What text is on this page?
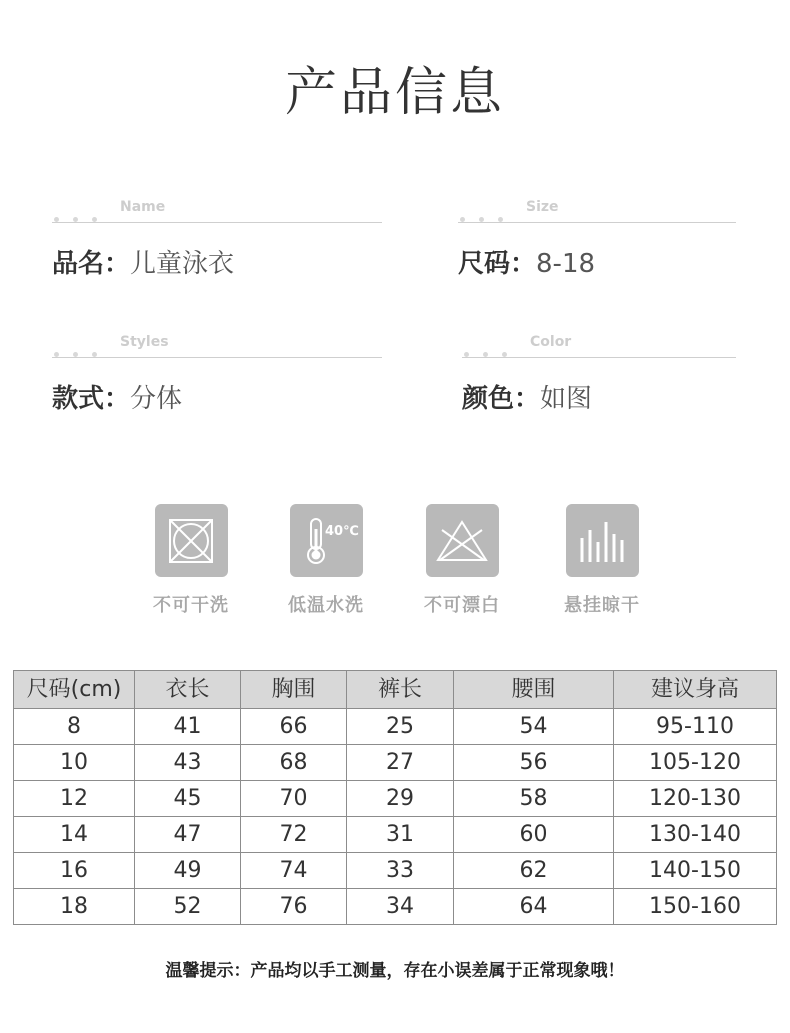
产品信息
Name
品名：儿童泳衣
Size
尺码：8-18
Styles
款式：分体
Color
颜色：如图
不可干洗
40℃
低温水洗	不可漂白	悬挂晾干
尺码(cm)	衣长	胸围	裤长	腰围	建议身高
8	41	66	25	54	95-110
10	43	68	27	56	105-120
12	45	70	29	58	120-130
14	47	72	31	60	130-140
16	49	74	33	62	140-150
18	52	76	34	64	150-160
温馨提示：产品均以手工测量，存在小误差属于正常现象哦！
